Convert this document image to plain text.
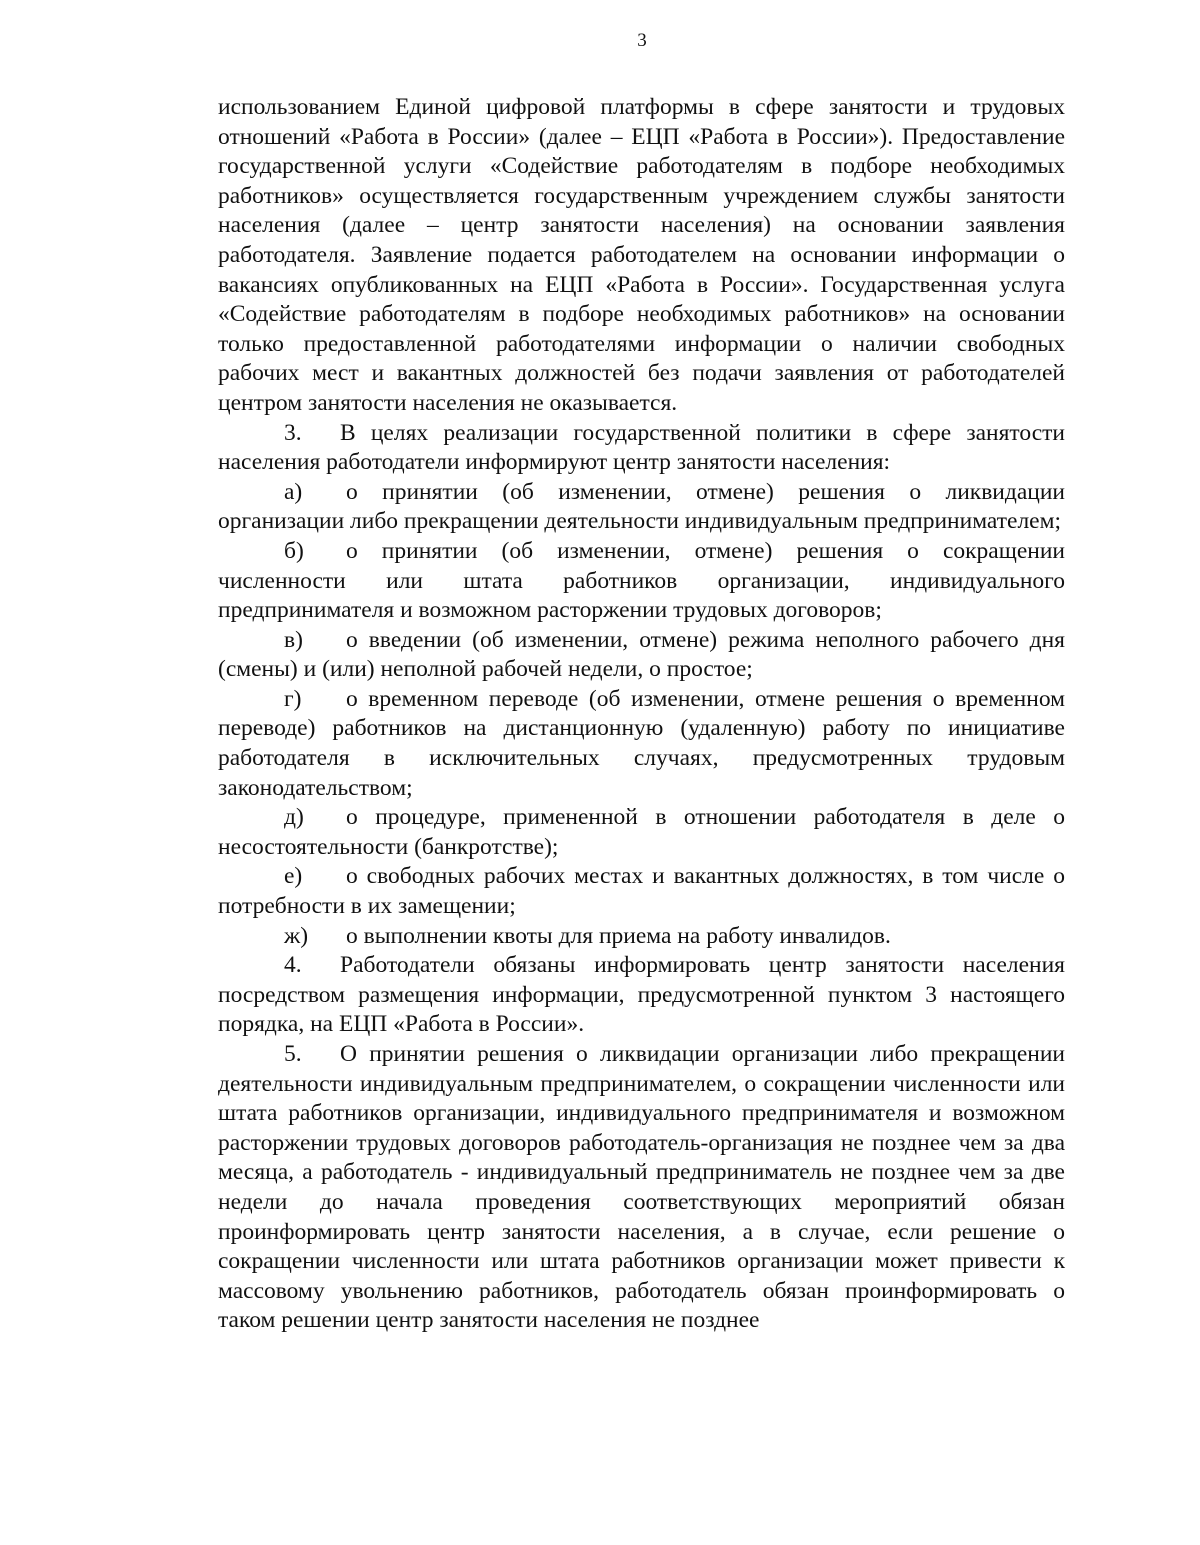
3

использованием Единой цифровой платформы в сфере занятости и трудовых отношений «Работа в России» (далее – ЕЦП «Работа в России»). Предоставление государственной услуги «Содействие работодателям в подборе необходимых работников» осуществляется государственным учреждением службы занятости населения (далее – центр занятости населения) на основании заявления работодателя. Заявление подается работодателем на основании информации о вакансиях опубликованных на ЕЦП «Работа в России». Государственная услуга «Содействие работодателям в подборе необходимых работников» на основании только предоставленной работодателями информации о наличии свободных рабочих мест и вакантных должностей без подачи заявления от работодателей центром занятости населения не оказывается.

3. В целях реализации государственной политики в сфере занятости населения работодатели информируют центр занятости населения:

а) о принятии (об изменении, отмене) решения о ликвидации организации либо прекращении деятельности индивидуальным предпринимателем;

б) о принятии (об изменении, отмене) решения о сокращении численности или штата работников организации, индивидуального предпринимателя и возможном расторжении трудовых договоров;

в) о введении (об изменении, отмене) режима неполного рабочего дня (смены) и (или) неполной рабочей недели, о простое;

г) о временном переводе (об изменении, отмене решения о временном переводе) работников на дистанционную (удаленную) работу по инициативе работодателя в исключительных случаях, предусмотренных трудовым законодательством;

д) о процедуре, примененной в отношении работодателя в деле о несостоятельности (банкротстве);

е) о свободных рабочих местах и вакантных должностях, в том числе о потребности в их замещении;

ж) о выполнении квоты для приема на работу инвалидов.

4. Работодатели обязаны информировать центр занятости населения посредством размещения информации, предусмотренной пунктом 3 настоящего порядка, на ЕЦП «Работа в России».

5. О принятии решения о ликвидации организации либо прекращении деятельности индивидуальным предпринимателем, о сокращении численности или штата работников организации, индивидуального предпринимателя и возможном расторжении трудовых договоров работодатель-организация не позднее чем за два месяца, а работодатель - индивидуальный предприниматель не позднее чем за две недели до начала проведения соответствующих мероприятий обязан проинформировать центр занятости населения, а в случае, если решение о сокращении численности или штата работников организации может привести к массовому увольнению работников, работодатель обязан проинформировать о таком решении центр занятости населения не позднее
